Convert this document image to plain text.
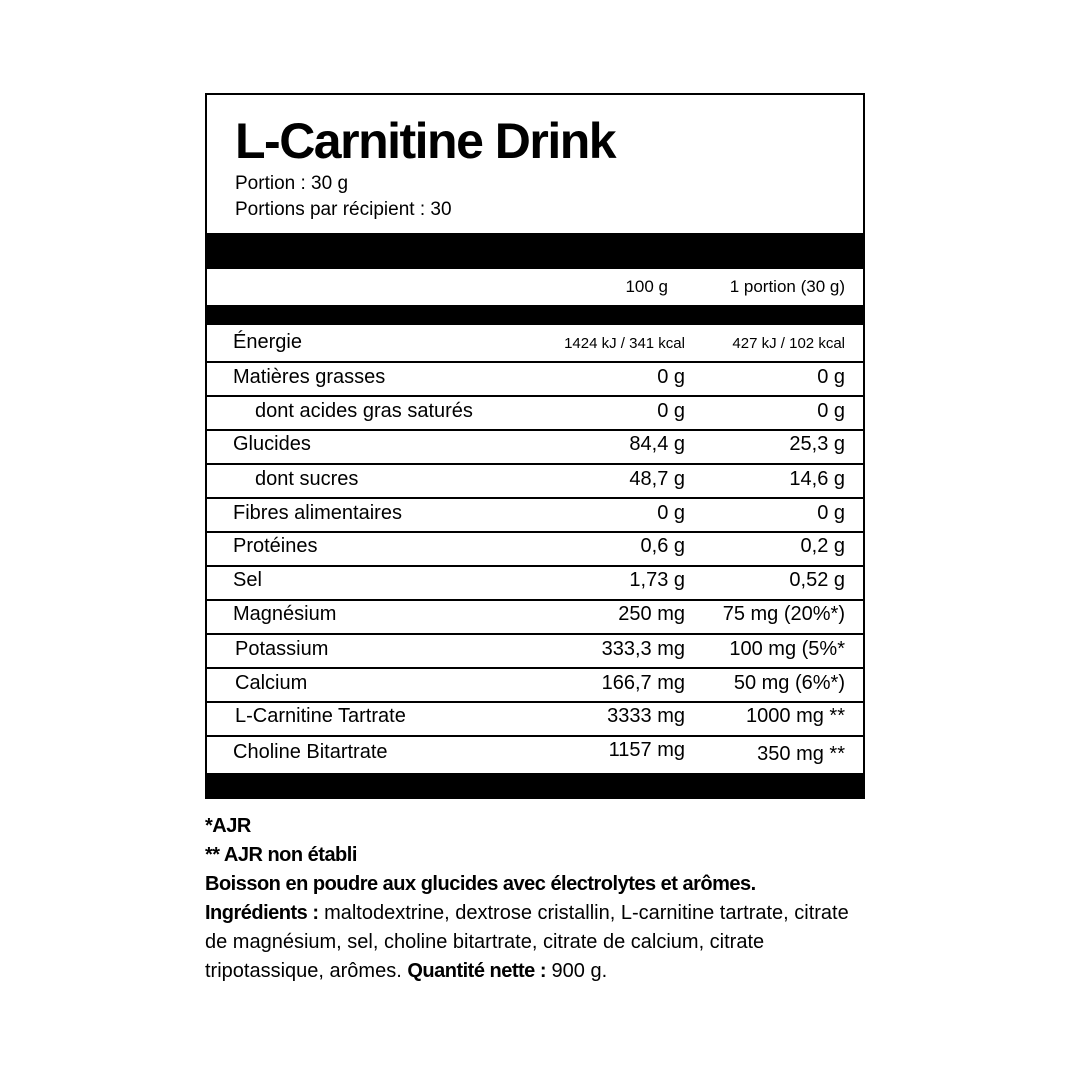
L-Carnitine Drink
Portion : 30 g
Portions par récipient : 30
100 g	1 portion (30 g)
Énergie	1424 kJ / 341 kcal	427 kJ / 102 kcal
Matières grasses	0 g	0 g
dont acides gras saturés	0 g	0 g
Glucides	84,4 g	25,3 g
dont sucres	48,7 g	14,6 g
Fibres alimentaires	0 g	0 g
Protéines	0,6 g	0,2 g
Sel	1,73 g	0,52 g
Magnésium	250 mg 75 mg (20%*)
Potassium	333,3 mg 100 mg (5%*
Calcium	166,7 mg 50 mg (6%*)
L-Carnitine Tartrate	3333 mg	1000 mg **
Choline Bitartrate	1157 mg	350 mg **

*AJR

** AJR non établi

Boisson en poudre aux glucides avec électrolytes et arômes.

Ingrédients : maltodextrine, dextrose cristallin, L-carnitine tartrate, citrate de magnésium, sel, choline bitartrate, citrate de calcium, citrate tripotassique, arômes. Quantité nette : 900 g.
